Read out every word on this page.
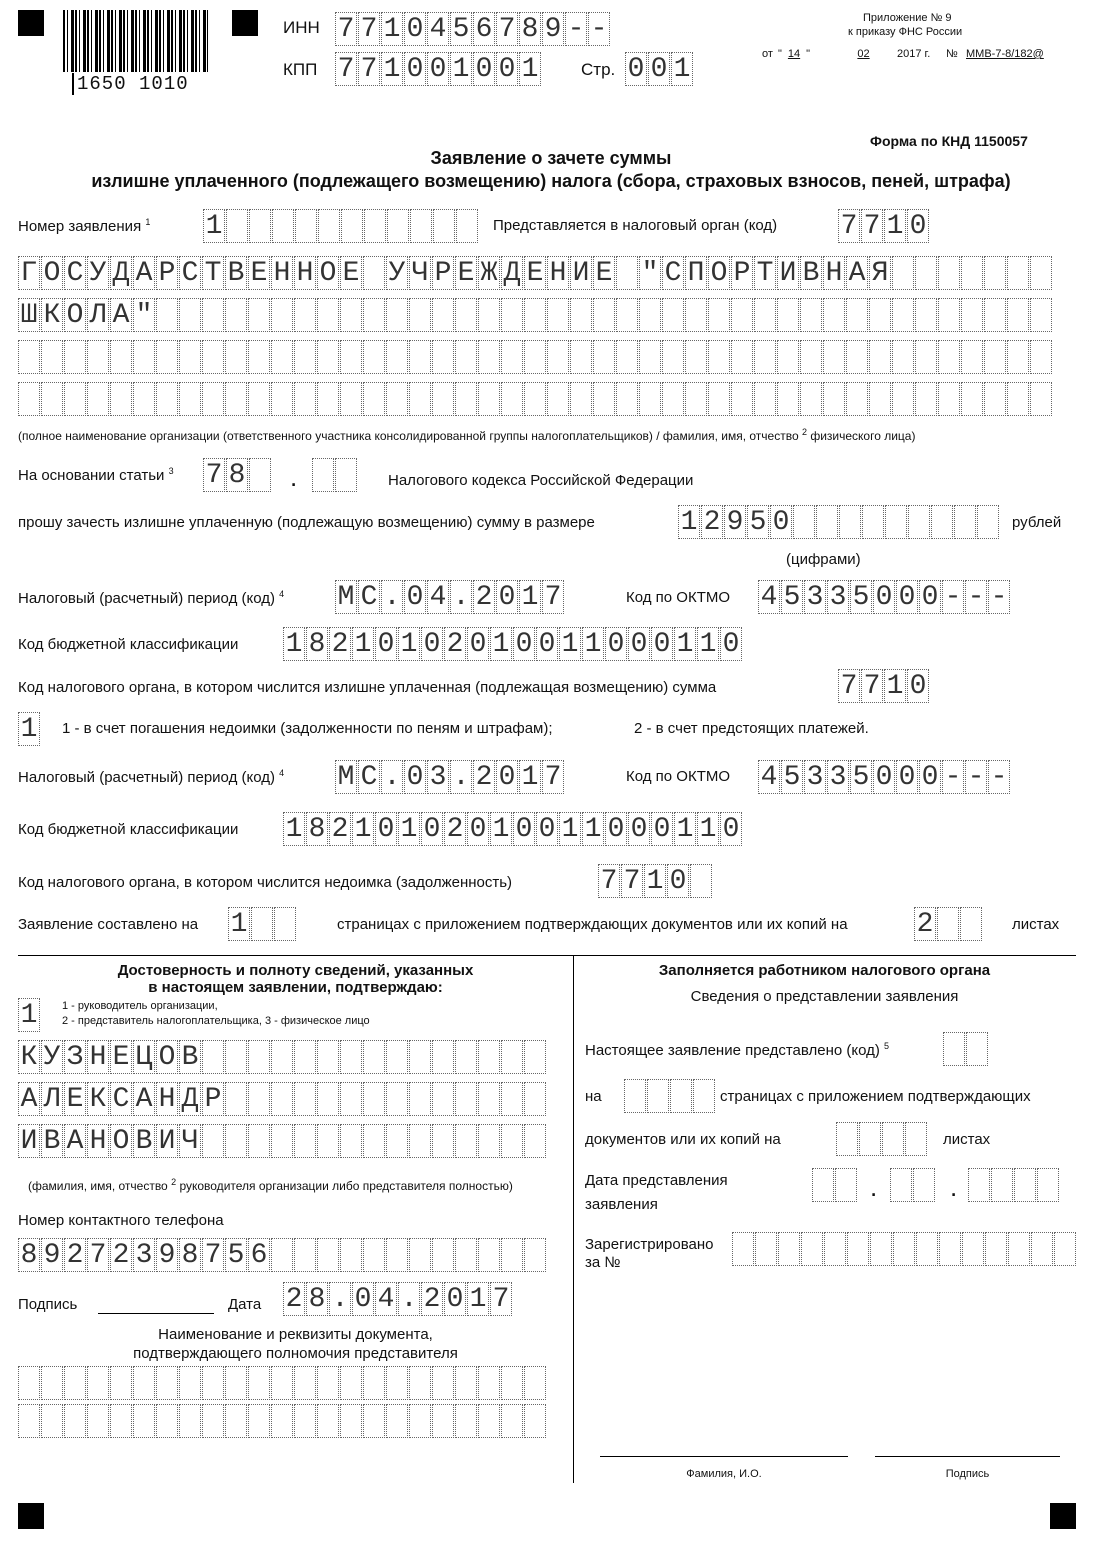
1650 1010
ИНН 7 7 1 0 4 5 6 7 8 9 - -
КПП 7 7 1 0 0 1 0 0 1	Стр. 0 0 1
Приложение № 9
к приказу ФНС России
от " 14 "	02	2017 г. № ММВ-7-8/182@
Форма по КНД 1150057
Заявление о зачете суммы
излишне уплаченного (подлежащего возмещению) налога (сбора, страховых взносов, пеней, штрафа)
Номер заявления $^1$ 1	Представляется в налоговый орган (код) 7 7 1 0
Г О С У Д А Р С Т В Е Н Н О Е У Ч Р Е Ж Д Е Н И Е " С П О Р Т И В Н А Я
Ш К О Л А "
(полное наименование организации (ответственного участника консолидированной группы налогоплательщиков) / фамилия, имя, отчество $^2$ физического лица)
На основании статьи $^3$ 7 8 .	Налогового кодекса Российской Федерации
прошу зачесть излишне уплаченную (подлежащую возмещению) сумму в размере	1 2 9 5 0	рублей
(цифрами)
Налоговый (расчетный) период (код) $^4$ М С . 0 4 . 2 0 1 7	Код по ОКТМО 4 5 3 3 5 0 0 0 - - -
Код бюджетной классификации 1 8 2 1 0 1 0 2 0 1 0 0 1 1 0 0 0 1 1 0
Код налогового органа, в котором числится излишне уплаченная (подлежащая возмещению) сумма	7 7 1 0
1 1 - в счет погашения недоимки (задолженности по пеням и штрафам);	2 - в счет предстоящих платежей.
Налоговый (расчетный) период (код) $^4$ М С . 0 3 . 2 0 1 7	Код по ОКТМО 4 5 3 3 5 0 0 0 - - -
Код бюджетной классификации 1 8 2 1 0 1 0 2 0 1 0 0 1 1 0 0 0 1 1 0
Код налогового органа, в котором числится недоимка (задолженность)	7 7 1 0
Заявление составлено на 1	страницах с приложением подтверждающих документов или их копий на 2	листах
Достоверность и полноту сведений, указанных
в настоящем заявлении, подтверждаю:
1 1 - руководитель организации,
2 - представитель налогоплательщика, 3 - физическое лицо
К У З Н Е Ц О В
А Л Е К С А Н Д Р
И В А Н О В И Ч
(фамилия, имя, отчество $^2$ руководителя организации либо представителя полностью)
Номер контактного телефона
8 9 2 7 2 3 9 8 7 5 6
Подпись	Дата 2 8 . 0 4 . 2 0 1 7
Наименование и реквизиты документа,
подтверждающего полномочия представителя
Заполняется работником налогового органа
Сведения о представлении заявления
Настоящее заявление представлено (код) $^5$
на	страницах с приложением подтверждающих
документов или их копий на	листах
Дата представления
заявления
.	.
Зарегистрировано
за №
Фамилия, И.О.	Подпись
